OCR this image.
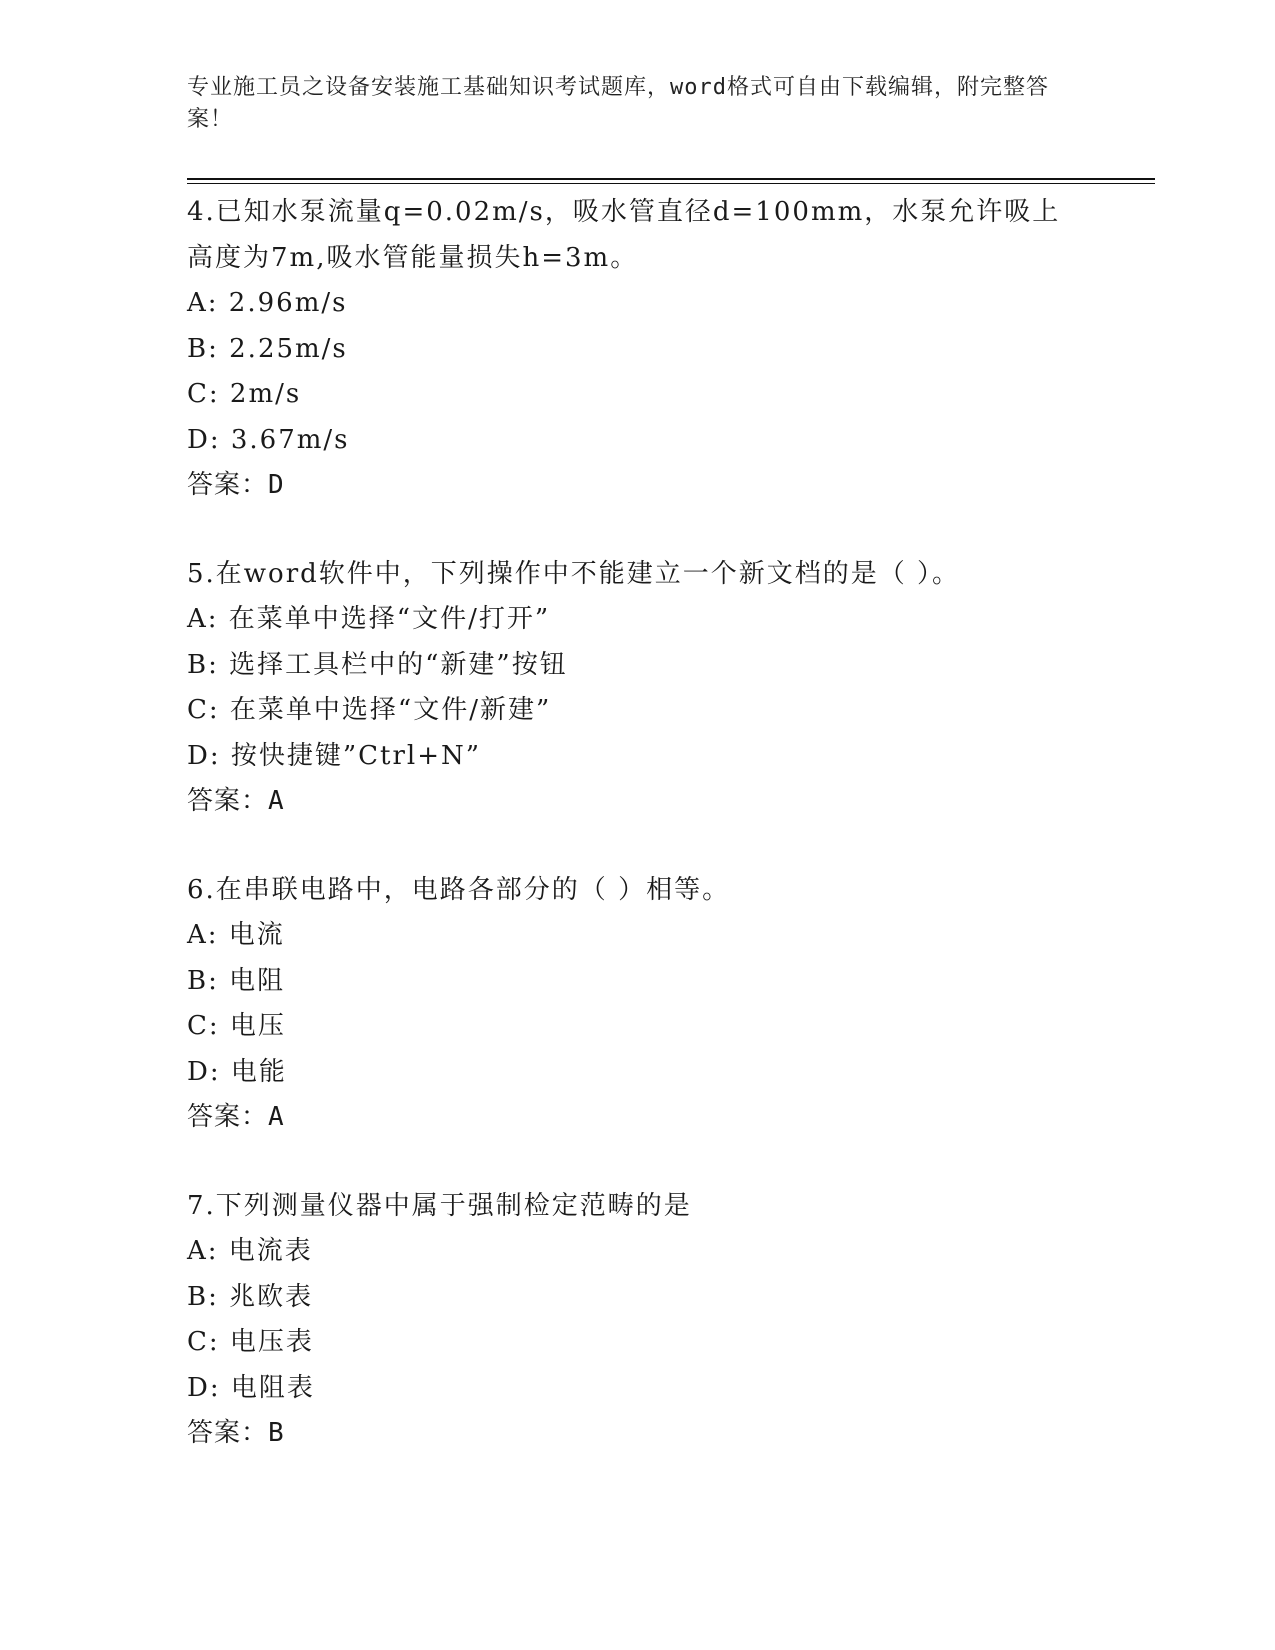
专业施工员之设备安装施工基础知识考试题库，word格式可自由下载编辑，附完整答案！
4.已知水泵流量q=0.02m/s，吸水管直径d=100mm，水泵允许吸上高度为7m,吸水管能量损失h=3m。
A: 2.96m/s
B: 2.25m/s
C: 2m/s
D: 3.67m/s
答案：D
5.在word软件中，下列操作中不能建立一个新文档的是（ ）。
A: 在菜单中选择“文件/打开”
B: 选择工具栏中的“新建”按钮
C: 在菜单中选择“文件/新建”
D: 按快捷键”Ctrl+N”
答案：A
6.在串联电路中，电路各部分的（ ）相等。
A: 电流
B: 电阻
C: 电压
D: 电能
答案：A
7.下列测量仪器中属于强制检定范畴的是
A: 电流表
B: 兆欧表
C: 电压表
D: 电阻表
答案：B
